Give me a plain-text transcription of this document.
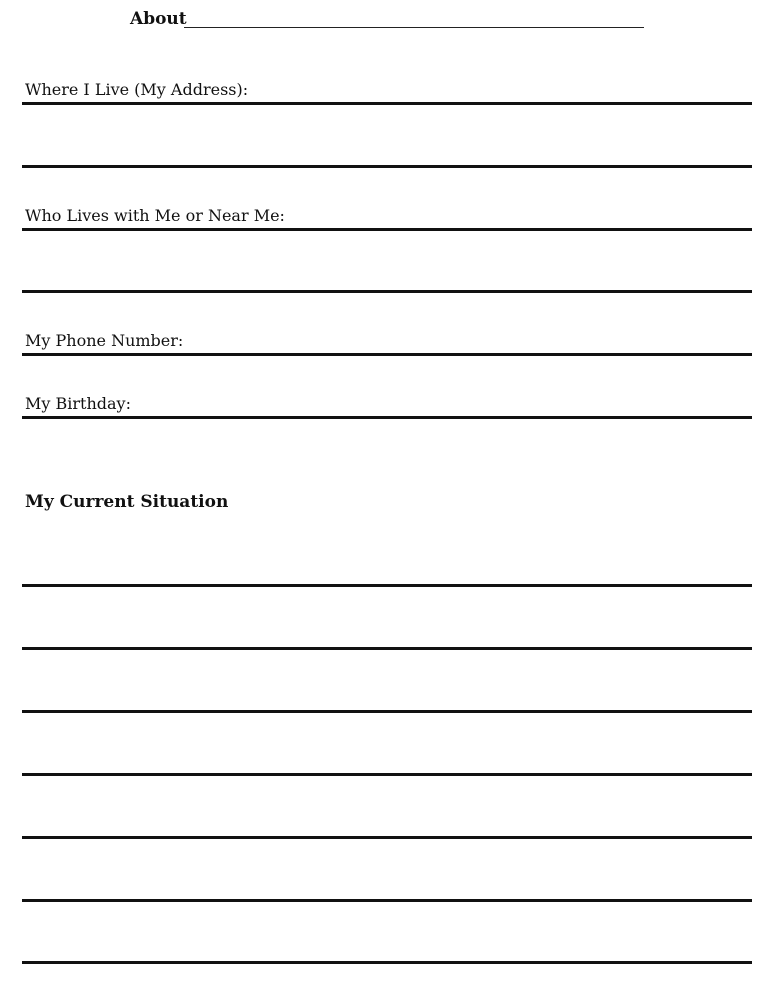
About
Where I Live (My Address):
Who Lives with Me or Near Me:
My Phone Number:
My Birthday:
My Current Situation
